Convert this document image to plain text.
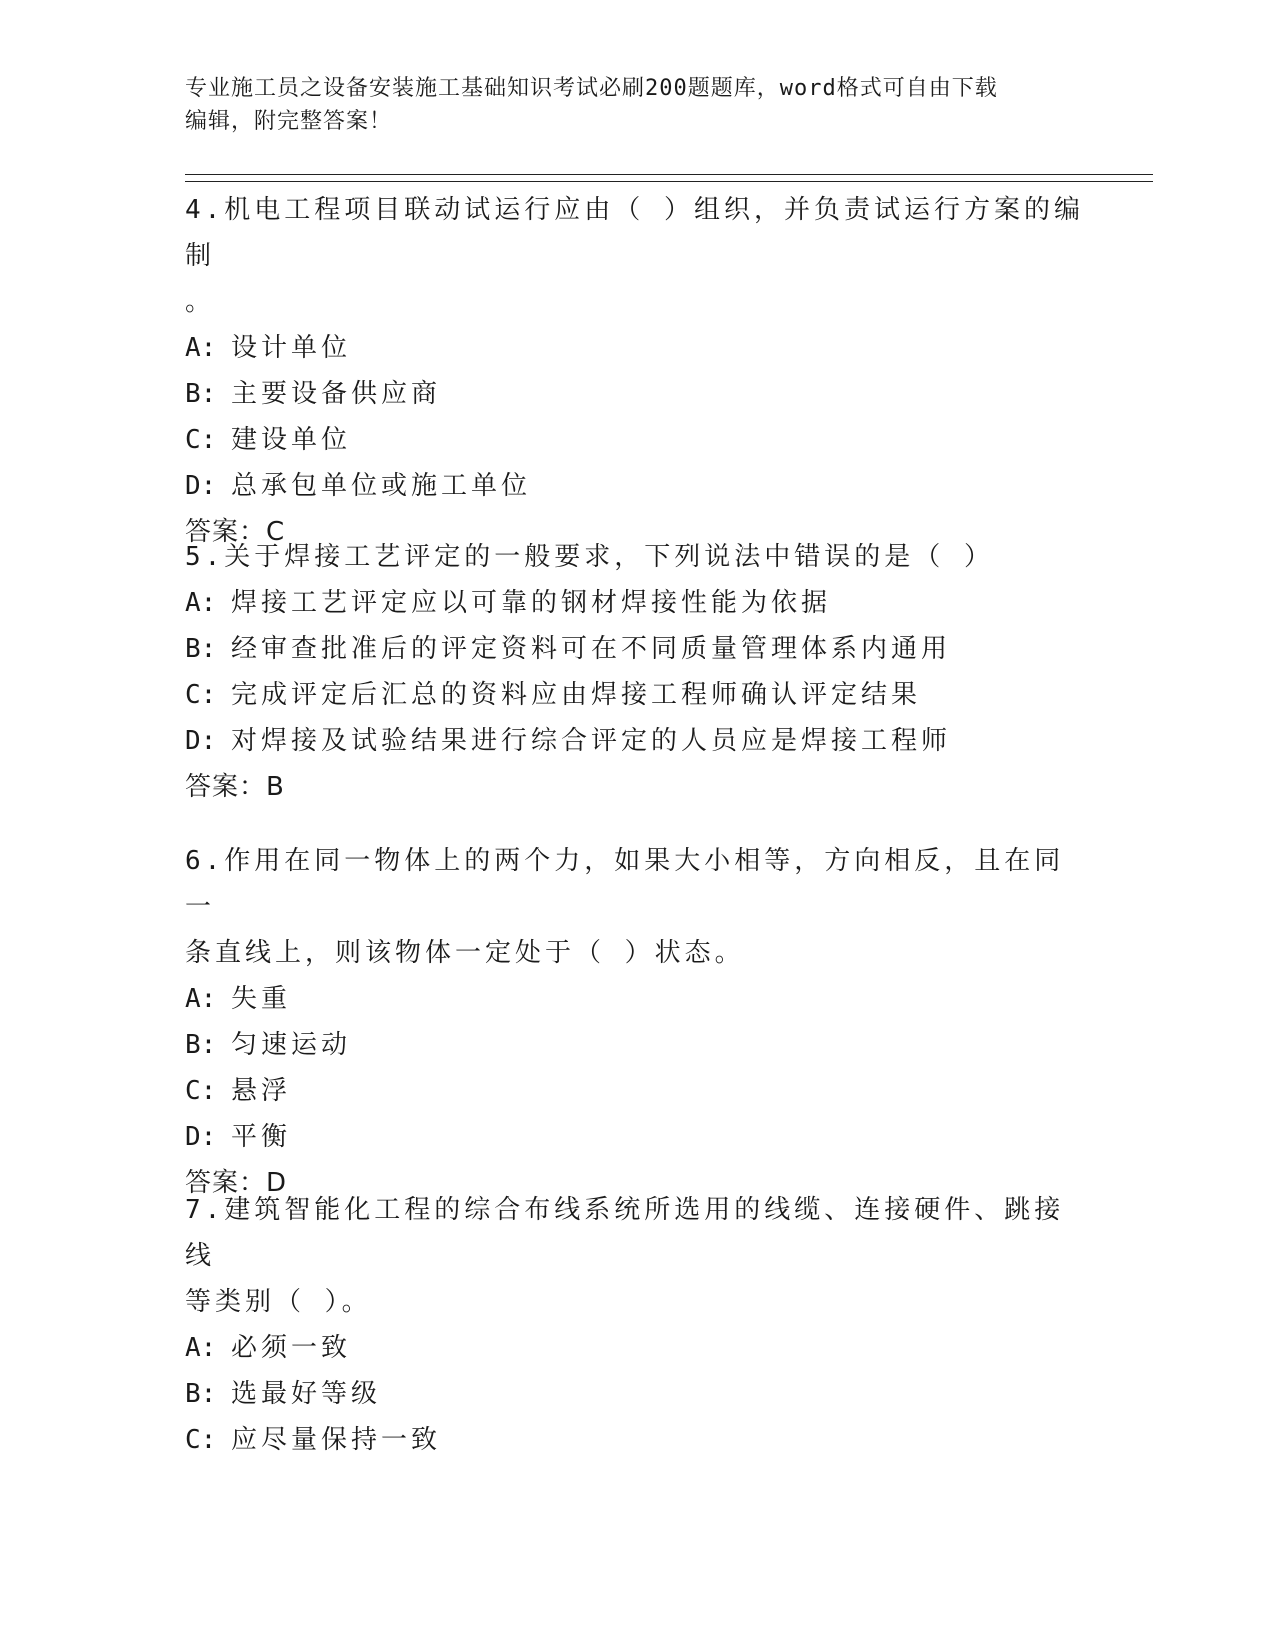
专业施工员之设备安装施工基础知识考试必刷200题题库，word格式可自由下载
编辑，附完整答案！

4.机电工程项目联动试运行应由（ ）组织，并负责试运行方案的编制

。

A: 设计单位

B: 主要设备供应商

C: 建设单位

D: 总承包单位或施工单位

答案：C

5.关于焊接工艺评定的一般要求，下列说法中错误的是（ ）

A: 焊接工艺评定应以可靠的钢材焊接性能为依据

B: 经审查批准后的评定资料可在不同质量管理体系内通用

C: 完成评定后汇总的资料应由焊接工程师确认评定结果

D: 对焊接及试验结果进行综合评定的人员应是焊接工程师

答案：B

6.作用在同一物体上的两个力，如果大小相等，方向相反，且在同一

条直线上，则该物体一定处于（ ）状态。

A: 失重

B: 匀速运动

C: 悬浮

D: 平衡

答案：D

7.建筑智能化工程的综合布线系统所选用的线缆、连接硬件、跳接线

等类别（ ）。

A: 必须一致

B: 选最好等级

C: 应尽量保持一致
